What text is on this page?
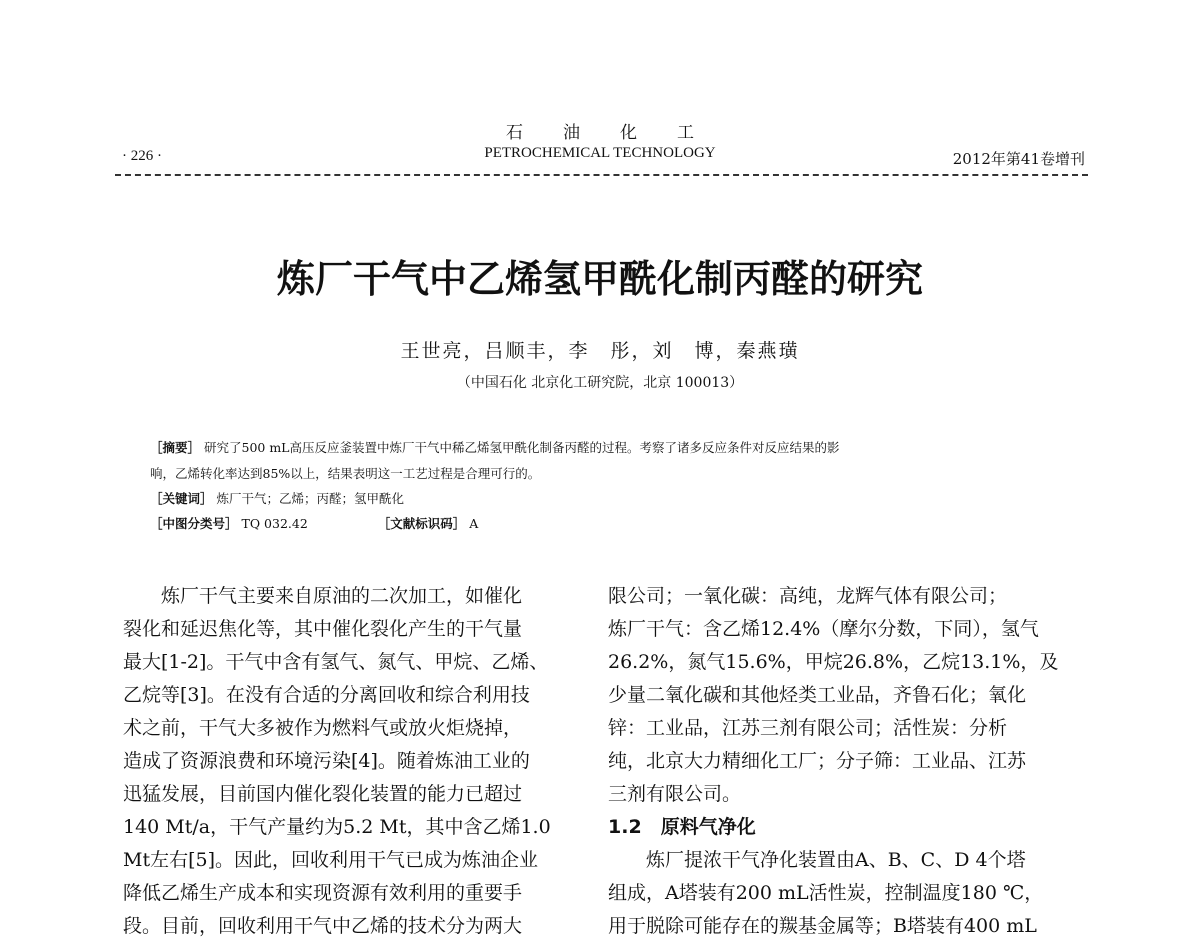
石油化工
PETROCHEMICAL TECHNOLOGY
· 226 ·	2012年第41卷增刊
炼厂干气中乙烯氢甲酰化制丙醛的研究
王世亮，吕顺丰，李　彤，刘　博，秦燕璜
（中国石化 北京化工研究院，北京 100013）
［摘要］ 研究了500 mL高压反应釜装置中炼厂干气中稀乙烯氢甲酰化制备丙醛的过程。考察了诸多反应条件对反应结果的影
响，乙烯转化率达到85%以上，结果表明这一工艺过程是合理可行的。
［关键词］ 炼厂干气；乙烯；丙醛；氢甲酰化
［中图分类号］ TQ 032.42	［文献标识码］ A
　　炼厂干气主要来自原油的二次加工，如催化
裂化和延迟焦化等，其中催化裂化产生的干气量
最大[1-2]。干气中含有氢气、氮气、甲烷、乙烯、
乙烷等[3]。在没有合适的分离回收和综合利用技
术之前，干气大多被作为燃料气或放火炬烧掉，
造成了资源浪费和环境污染[4]。随着炼油工业的
迅猛发展，目前国内催化裂化装置的能力已超过
140 Mt/a，干气产量约为5.2 Mt，其中含乙烯1.0
Mt左右[5]。因此，回收利用干气已成为炼油企业
降低乙烯生产成本和实现资源有效利用的重要手
段。目前，回收利用干气中乙烯的技术分为两大
限公司；一氧化碳：高纯，龙辉气体有限公司；
炼厂干气：含乙烯12.4%（摩尔分数，下同），氢气
26.2%，氮气15.6%，甲烷26.8%，乙烷13.1%，及
少量二氧化碳和其他烃类工业品，齐鲁石化；氧化
锌：工业品，江苏三剂有限公司；活性炭：分析
纯，北京大力精细化工厂；分子筛：工业品、江苏
三剂有限公司。
1.2　 原料气净化
　　炼厂提浓干气净化装置由A、B、C、D 4个塔
组成，A塔装有200 mL活性炭，控制温度180 ℃，
用于脱除可能存在的羰基金属等；B塔装有400 mL
